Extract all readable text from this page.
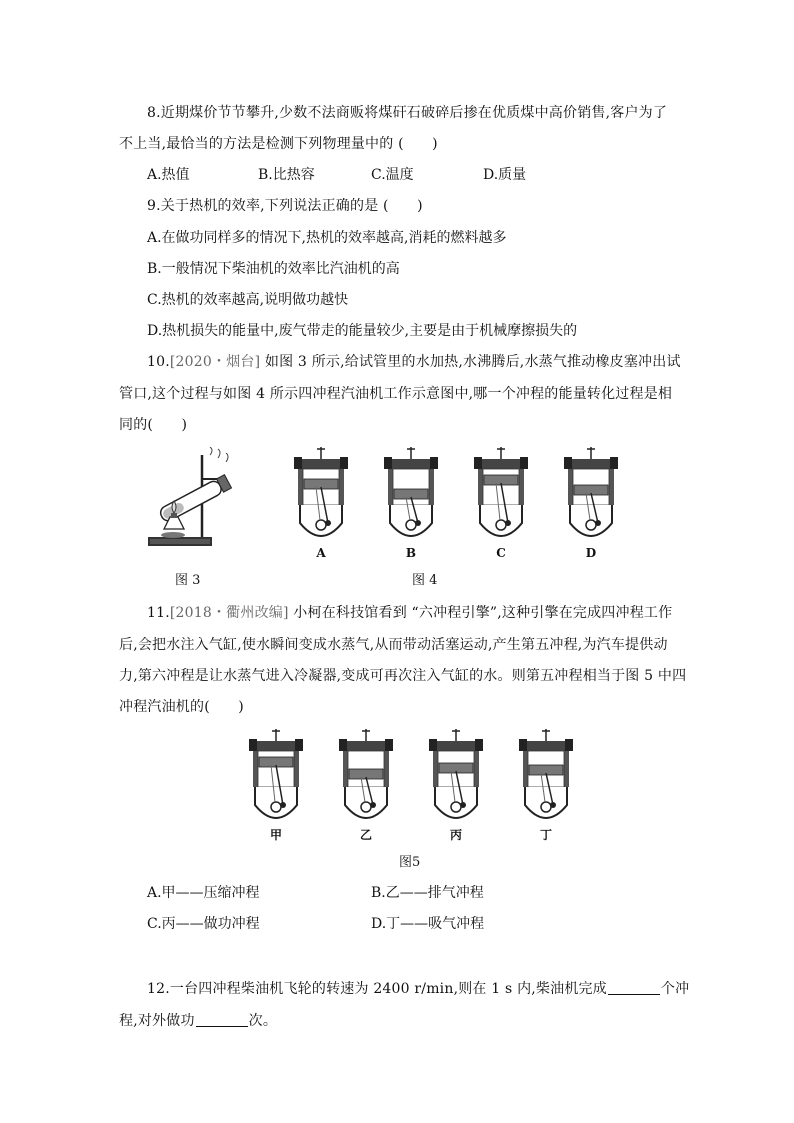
8.近期煤价节节攀升,少数不法商贩将煤矸石破碎后掺在优质煤中高价销售,客户为了
不上当,最恰当的方法是检测下列物理量中的 (　　)
A.热值	B.比热容	C.温度	D.质量
9.关于热机的效率,下列说法正确的是 (　　)
A.在做功同样多的情况下,热机的效率越高,消耗的燃料越多
B.一般情况下柴油机的效率比汽油机的高
C.热机的效率越高,说明做功越快
D.热机损失的能量中,废气带走的能量较少,主要是由于机械摩擦损失的
10.[2020・烟台] 如图 3 所示,给试管里的水加热,水沸腾后,水蒸气推动橡皮塞冲出试
管口,这个过程与如图 4 所示四冲程汽油机工作示意图中,哪一个冲程的能量转化过程是相
同的(　　)
图 3
A	B	C	D
图 4
11.[2018・衢州改编] 小柯在科技馆看到 “六冲程引擎”,这种引擎在完成四冲程工作
后,会把水注入气缸,使水瞬间变成水蒸气,从而带动活塞运动,产生第五冲程,为汽车提供动
力,第六冲程是让水蒸气进入冷凝器,变成可再次注入气缸的水。则第五冲程相当于图 5 中四
冲程汽油机的(　　)
甲	乙	丙	丁
图5
A.甲——压缩冲程	B.乙——排气冲程
C.丙——做功冲程	D.丁——吸气冲程
12.一台四冲程柴油机飞轮的转速为 2400 r/min,则在 1 s 内,柴油机完成	个冲
程,对外做功	次。
